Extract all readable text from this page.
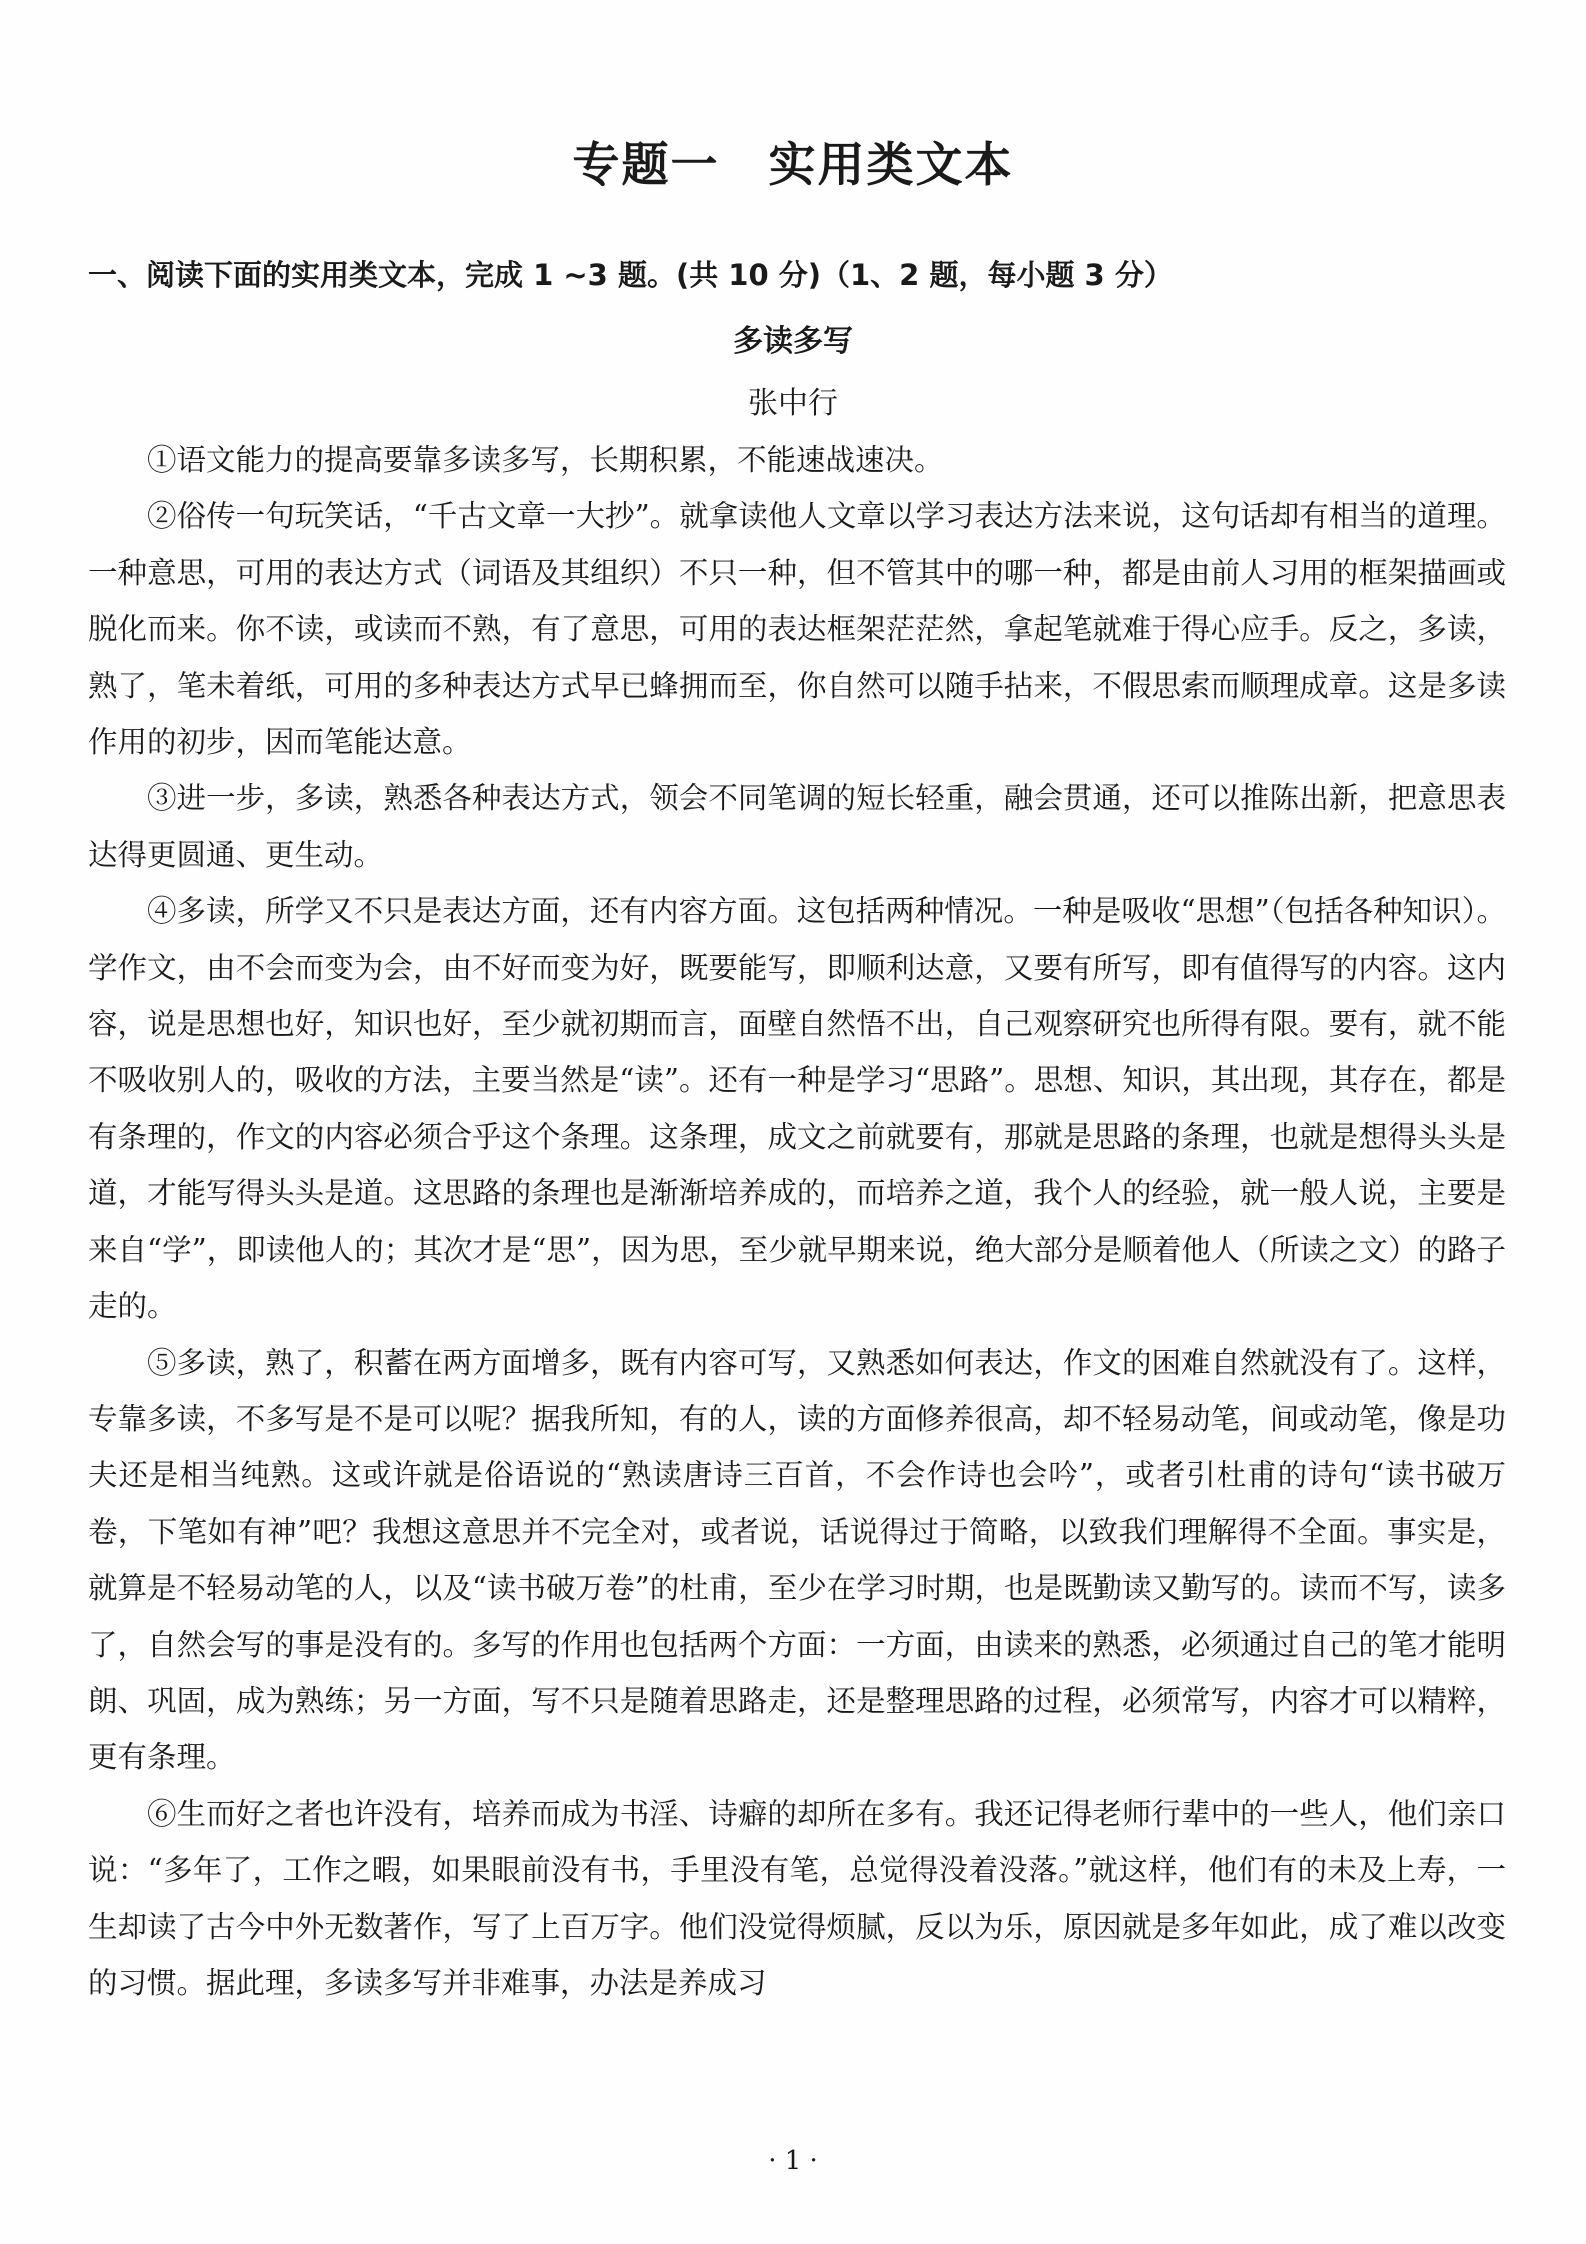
专题一　实用类文本
一、阅读下面的实用类文本，完成 1 ~3 题。(共 10 分)（1、2 题，每小题 3 分）
多读多写
张中行

①语文能力的提高要靠多读多写，长期积累，不能速战速决。

②俗传一句玩笑话，“千古文章一大抄”。就拿读他人文章以学习表达方法来说，这句话却有相当的道理。一种意思，可用的表达方式（词语及其组织）不只一种，但不管其中的哪一种，都是由前人习用的框架描画或脱化而来。你不读，或读而不熟，有了意思，可用的表达框架茫茫然，拿起笔就难于得心应手。反之，多读，熟了，笔未着纸，可用的多种表达方式早已蜂拥而至，你自然可以随手拈来，不假思索而顺理成章。这是多读作用的初步，因而笔能达意。

③进一步，多读，熟悉各种表达方式，领会不同笔调的短长轻重，融会贯通，还可以推陈出新，把意思表达得更圆通、更生动。

④多读，所学又不只是表达方面，还有内容方面。这包括两种情况。一种是吸收“思想”（包括各种知识）。学作文，由不会而变为会，由不好而变为好，既要能写，即顺利达意，又要有所写，即有值得写的内容。这内容，说是思想也好，知识也好，至少就初期而言，面壁自然悟不出，自己观察研究也所得有限。要有，就不能不吸收别人的，吸收的方法，主要当然是“读”。还有一种是学习“思路”。思想、知识，其出现，其存在，都是有条理的，作文的内容必须合乎这个条理。这条理，成文之前就要有，那就是思路的条理，也就是想得头头是道，才能写得头头是道。这思路的条理也是渐渐培养成的，而培养之道，我个人的经验，就一般人说，主要是来自“学”，即读他人的；其次才是“思”，因为思，至少就早期来说，绝大部分是顺着他人（所读之文）的路子走的。

⑤多读，熟了，积蓄在两方面增多，既有内容可写，又熟悉如何表达，作文的困难自然就没有了。这样，专靠多读，不多写是不是可以呢？据我所知，有的人，读的方面修养很高，却不轻易动笔，间或动笔，像是功夫还是相当纯熟。这或许就是俗语说的“熟读唐诗三百首，不会作诗也会吟”，或者引杜甫的诗句“读书破万卷，下笔如有神”吧？我想这意思并不完全对，或者说，话说得过于简略，以致我们理解得不全面。事实是，就算是不轻易动笔的人，以及“读书破万卷”的杜甫，至少在学习时期，也是既勤读又勤写的。读而不写，读多了，自然会写的事是没有的。多写的作用也包括两个方面：一方面，由读来的熟悉，必须通过自己的笔才能明朗、巩固，成为熟练；另一方面，写不只是随着思路走，还是整理思路的过程，必须常写，内容才可以精粹，更有条理。

⑥生而好之者也许没有，培养而成为书淫、诗癖的却所在多有。我还记得老师行辈中的一些人，他们亲口说：“多年了，工作之暇，如果眼前没有书，手里没有笔，总觉得没着没落。”就这样，他们有的未及上寿，一生却读了古今中外无数著作，写了上百万字。他们没觉得烦腻，反以为乐，原因就是多年如此，成了难以改变的习惯。据此理，多读多写并非难事，办法是养成习

· 1 ·
